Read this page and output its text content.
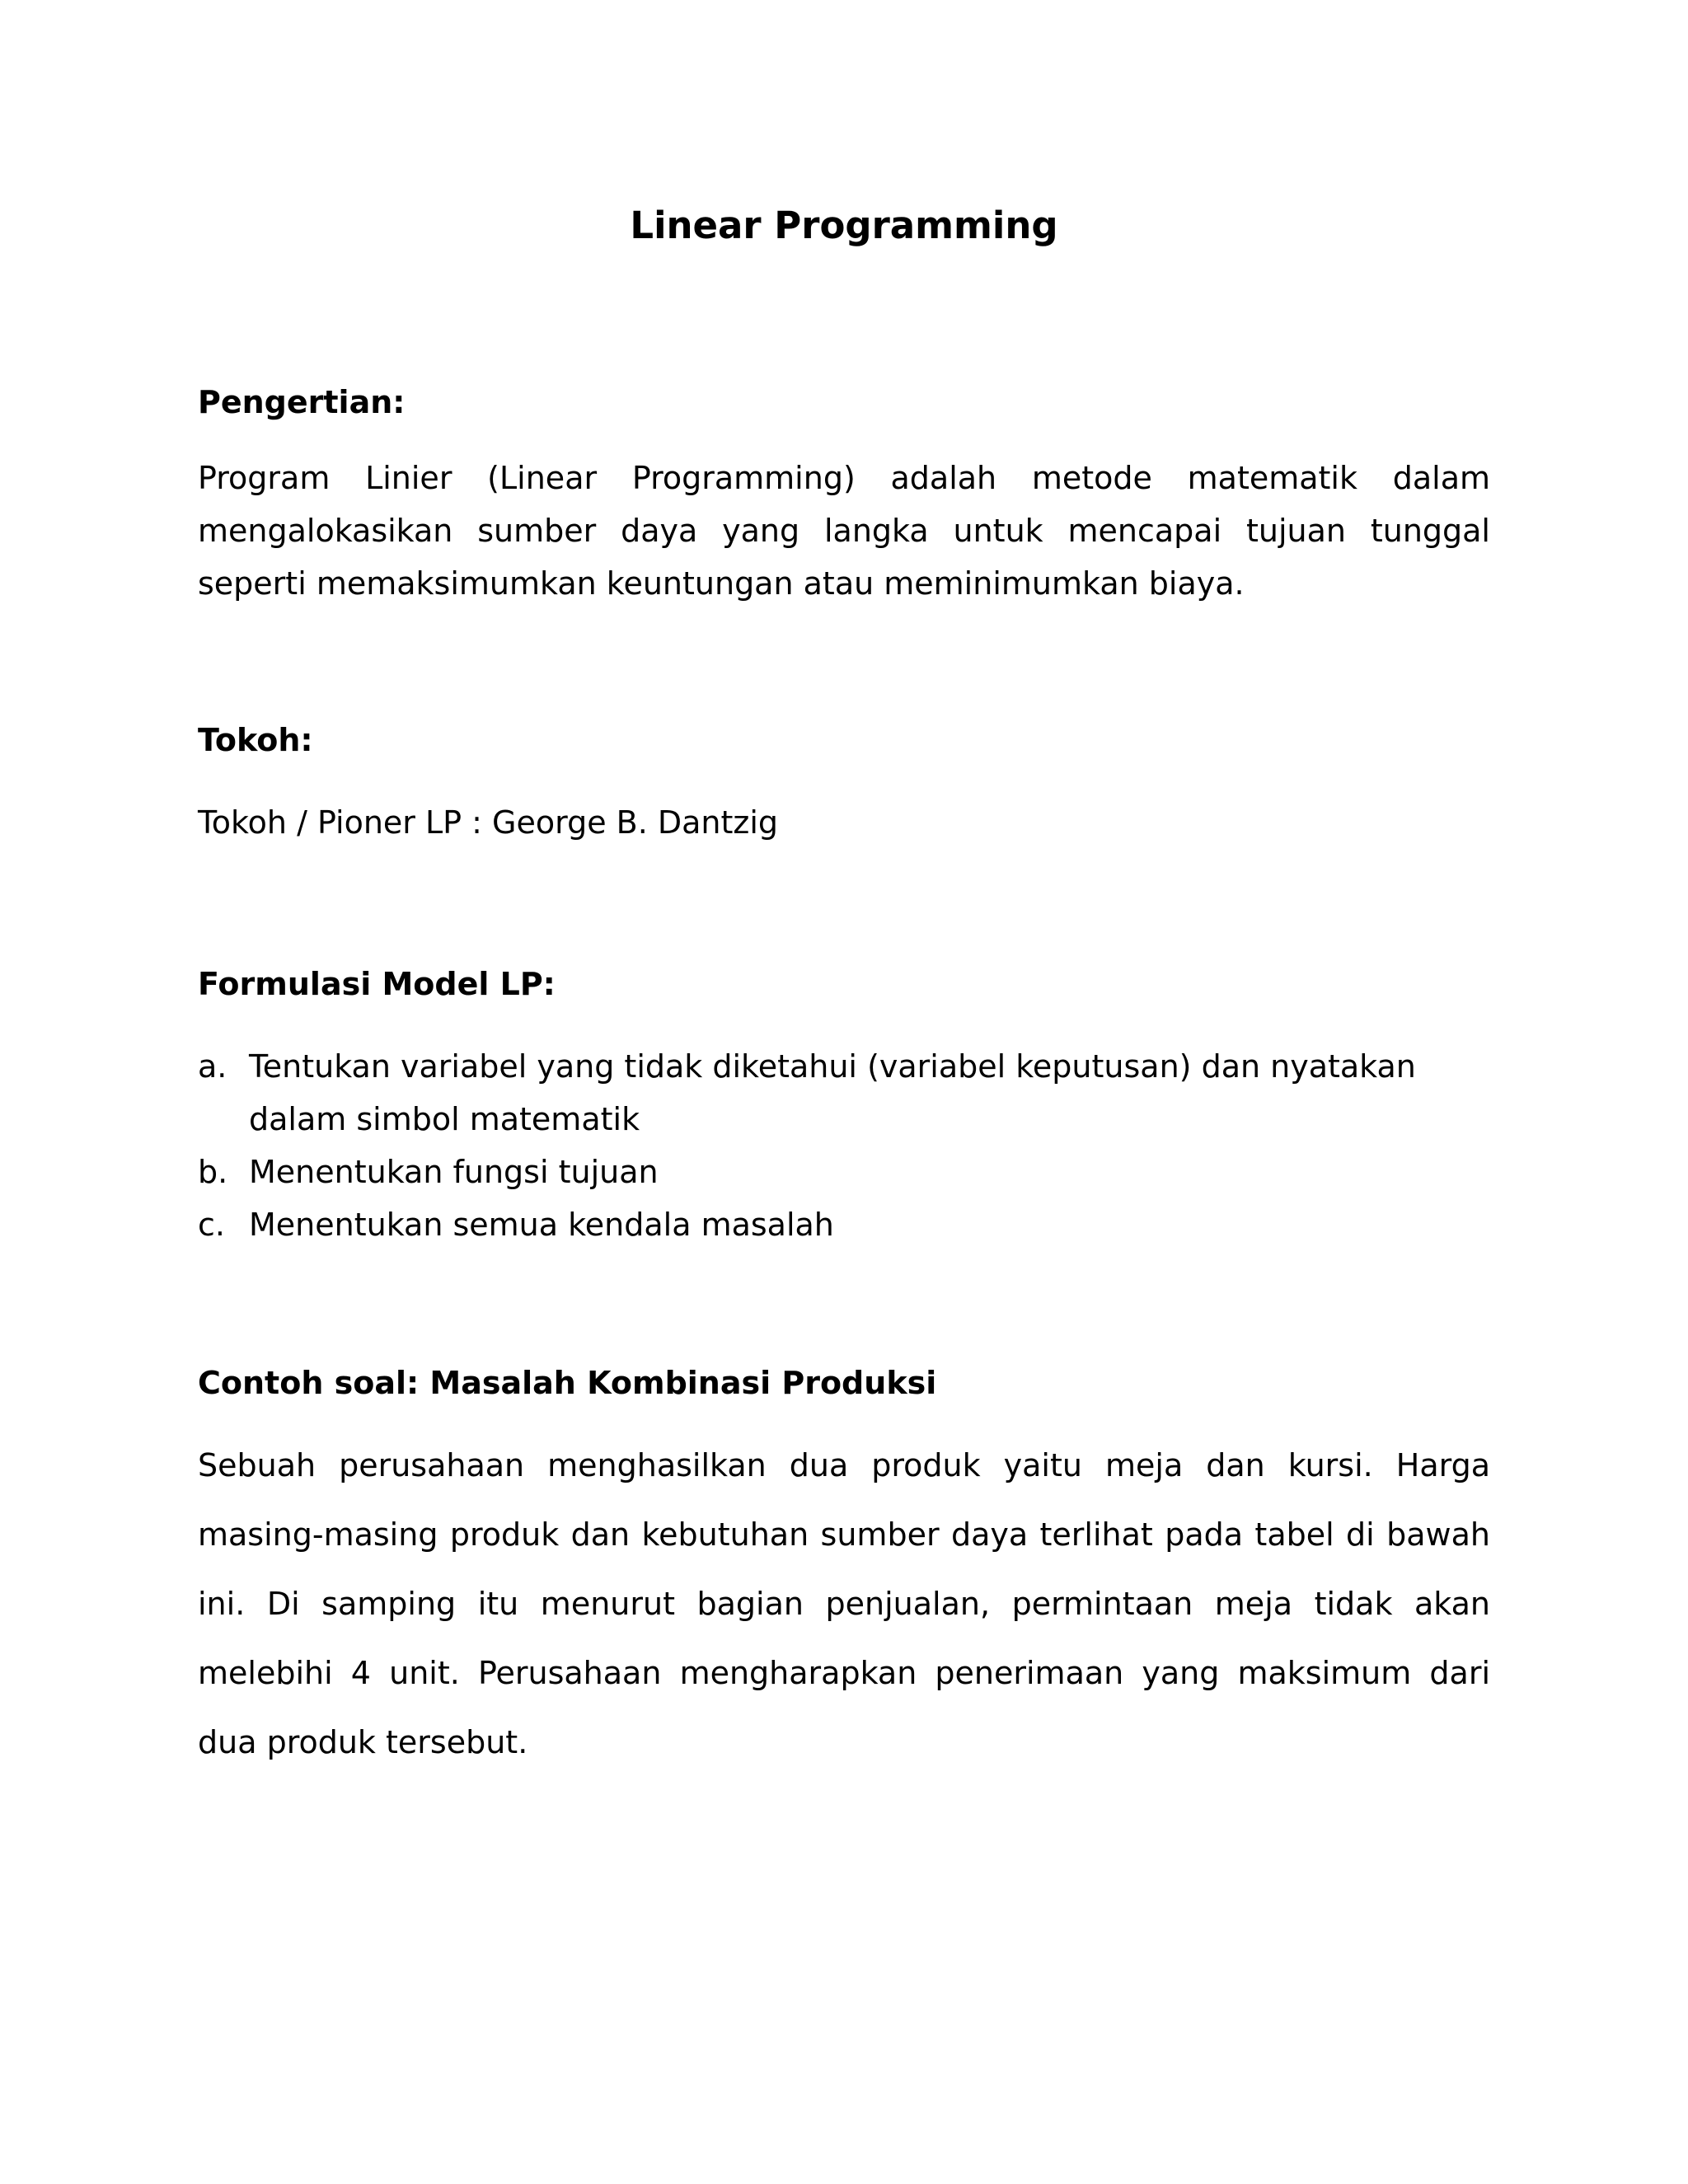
Linear Programming
Pengertian:

Program Linier (Linear Programming) adalah metode matematik dalam mengalokasikan sumber daya yang langka untuk mencapai tujuan tunggal seperti memaksimumkan keuntungan atau meminimumkan biaya.

Tokoh:

Tokoh / Pioner LP : George B. Dantzig

Formulasi Model LP:
a. Tentukan variabel yang tidak diketahui (variabel keputusan) dan nyatakan dalam simbol matematik
b. Menentukan fungsi tujuan
c. Menentukan semua kendala masalah
Contoh soal: Masalah Kombinasi Produksi

Sebuah perusahaan menghasilkan dua produk yaitu meja dan kursi. Harga masing-masing produk dan kebutuhan sumber daya terlihat pada tabel di bawah ini. Di samping itu menurut bagian penjualan, permintaan meja tidak akan melebihi 4 unit. Perusahaan mengharapkan penerimaan yang maksimum dari dua produk tersebut.
